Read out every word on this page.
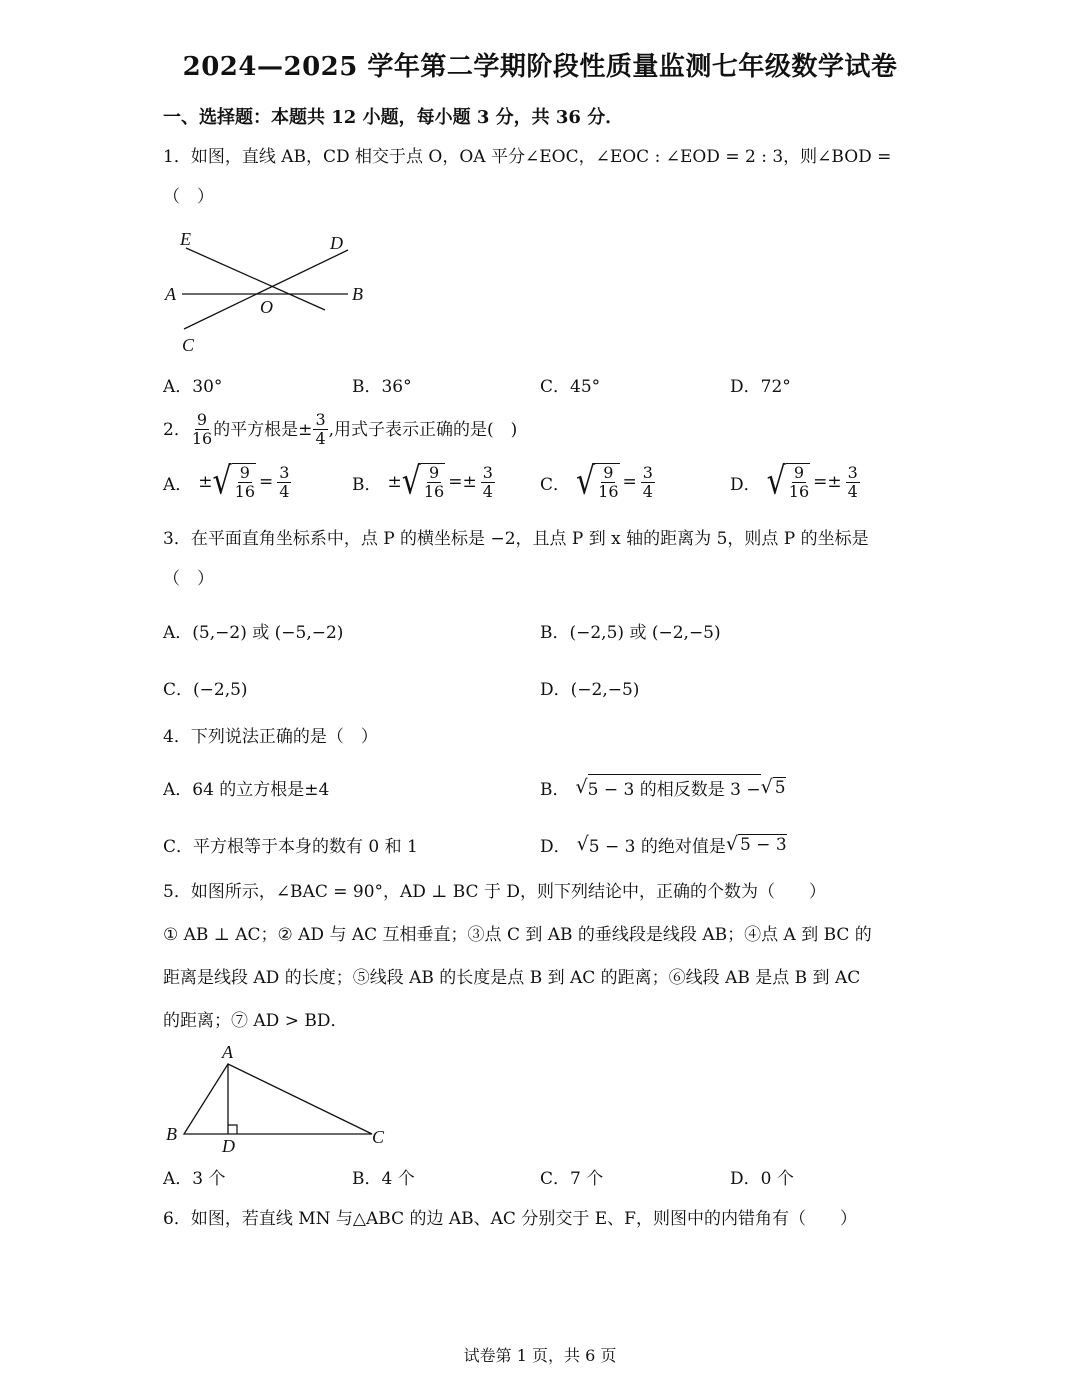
2024—2025 学年第二学期阶段性质量监测七年级数学试卷
一、选择题：本题共 12 小题，每小题 3 分，共 36 分．
1．如图，直线 AB，CD 相交于点 O，OA 平分∠EOC，∠EOC : ∠EOD = 2 : 3，则∠BOD =
（　）
E	D
A
O
B
C
A．30°	B．36°	C．45°	D．72°
2． $\frac{9}{16}$ 的平方根是± $\frac{3}{4}$ ,用式子表示正确的是(　)
A． ± √ $\frac{9}{16} = \frac{3}{4}$	B． ± √ $\frac{9}{16} =\pm \frac{3}{4}$	C． √ $\frac{9}{16} = \frac{3}{4}$	D． √ $\frac{9}{16} =\pm \frac{3}{4}$
3．在平面直角坐标系中，点 P 的横坐标是 −2，且点 P 到 x 轴的距离为 5，则点 P 的坐标是
（　）
A．(5,−2) 或 (−5,−2)	B．(−2,5) 或 (−2,−5)
C．(−2,5)	D．(−2,−5)
4．下列说法正确的是（　）
A．64 的立方根是±4	B． √ 5 − 3 的相反数是 3 − √ 5
C．平方根等于本身的数有 0 和 1	D． √ 5 − 3 的绝对值是 √ 5 − 3
5．如图所示，∠BAC = 90°，AD ⊥ BC 于 D，则下列结论中，正确的个数为（　　）
① AB ⊥ AC；② AD 与 AC 互相垂直；③点 C 到 AB 的垂线段是线段 AB；④点 A 到 BC 的
距离是线段 AD 的长度；⑤线段 AB 的长度是点 B 到 AC 的距离；⑥线段 AB 是点 B 到 AC
的距离；⑦ AD > BD．
A
B
D	C
A．3 个	B．4 个	C．7 个	D．0 个
6．如图，若直线 MN 与△ABC 的边 AB、AC 分别交于 E、F，则图中的内错角有（　　）
试卷第 1 页，共 6 页
